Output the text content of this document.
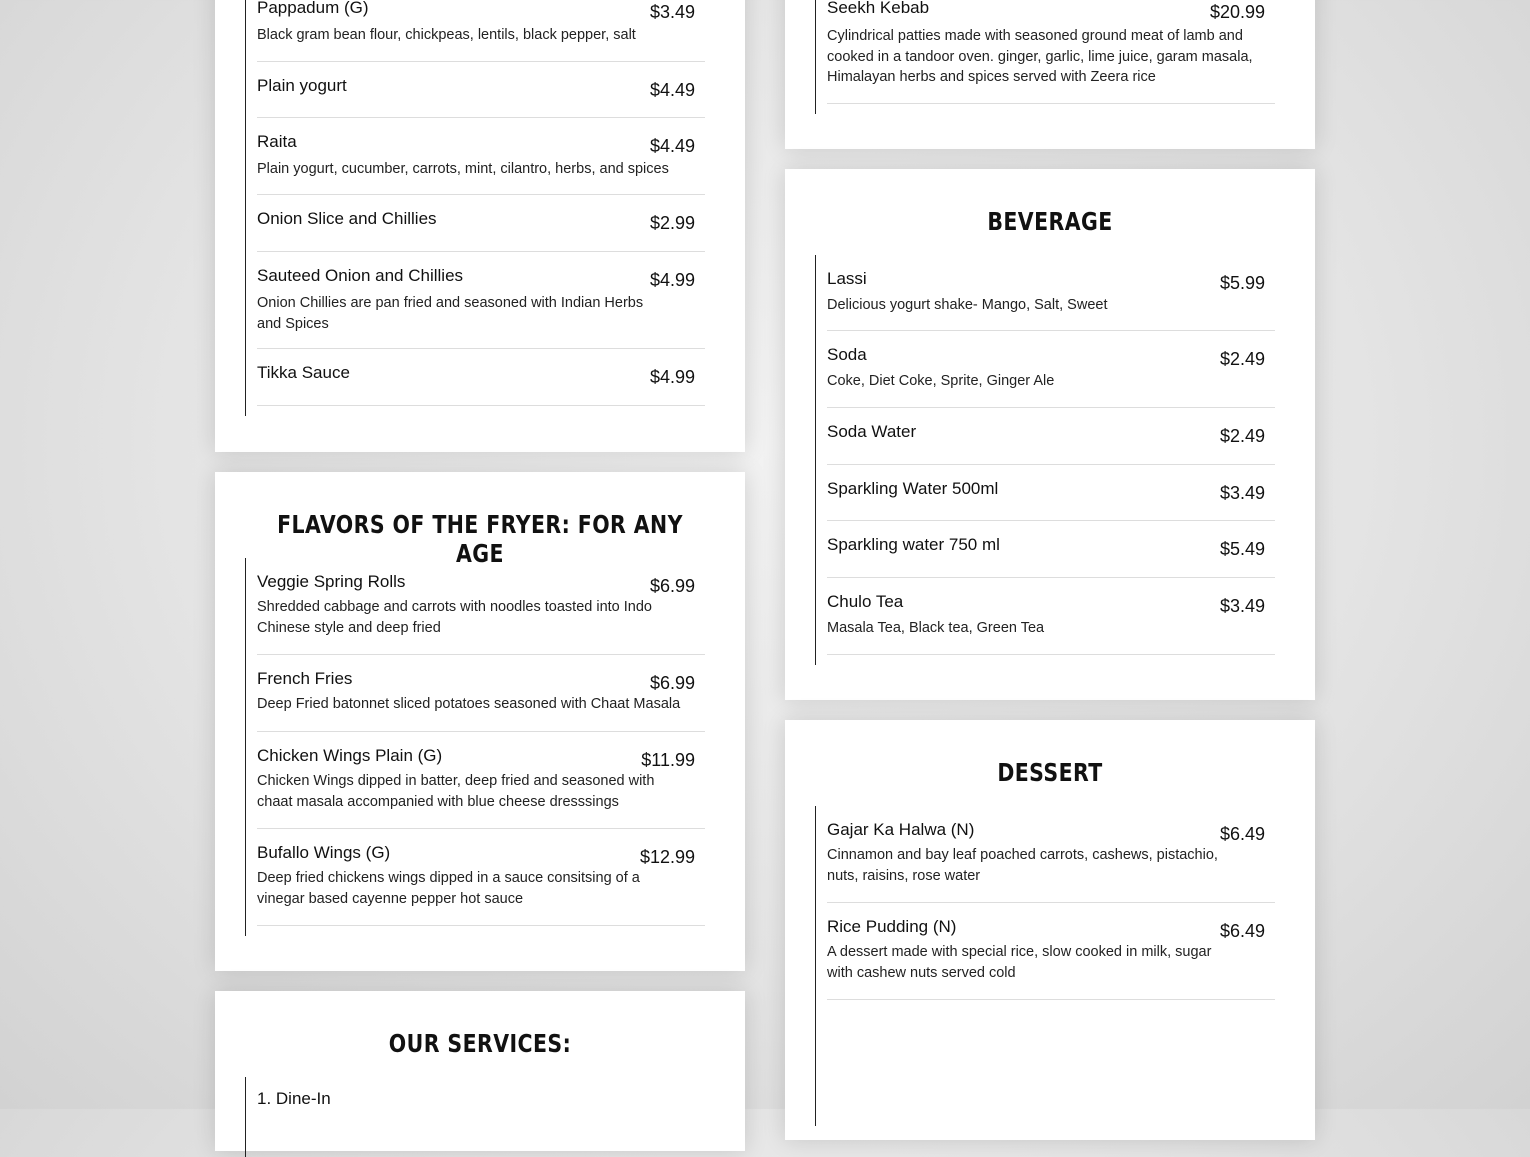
Pappadum (G)	$3.49
Black gram bean flour, chickpeas, lentils, black pepper, salt
Plain yogurt	$4.49
Raita	$4.49
Plain yogurt, cucumber, carrots, mint, cilantro, herbs, and spices
Onion Slice and Chillies	$2.99
Sauteed Onion and Chillies	$4.99
Onion Chillies are pan fried and seasoned with Indian Herbs and Spices
Tikka Sauce	$4.99
FLAVORS OF THE FRYER: FOR ANY AGE
Veggie Spring Rolls	$6.99
Shredded cabbage and carrots with noodles toasted into Indo Chinese style and deep fried
French Fries	$6.99
Deep Fried batonnet sliced potatoes seasoned with Chaat Masala
Chicken Wings Plain (G)	$11.99
Chicken Wings dipped in batter, deep fried and seasoned with chaat masala accompanied with blue cheese dresssings
Bufallo Wings (G)	$12.99
Deep fried chickens wings dipped in a sauce consitsing of a vinegar based cayenne pepper hot sauce
OUR SERVICES:
1. Dine-In
Seekh Kebab	$20.99
Cylindrical patties made with seasoned ground meat of lamb and cooked in a tandoor oven. ginger, garlic, lime juice, garam masala, Himalayan herbs and spices served with Zeera rice
BEVERAGE
Lassi	$5.99
Delicious yogurt shake- Mango, Salt, Sweet
Soda	$2.49
Coke, Diet Coke, Sprite, Ginger Ale
Soda Water	$2.49
Sparkling Water 500ml	$3.49
Sparkling water 750 ml	$5.49
Chulo Tea	$3.49
Masala Tea, Black tea, Green Tea
DESSERT
Gajar Ka Halwa (N)	$6.49
Cinnamon and bay leaf poached carrots, cashews, pistachio, nuts, raisins, rose water
Rice Pudding (N)	$6.49
A dessert made with special rice, slow cooked in milk, sugar with cashew nuts served cold
